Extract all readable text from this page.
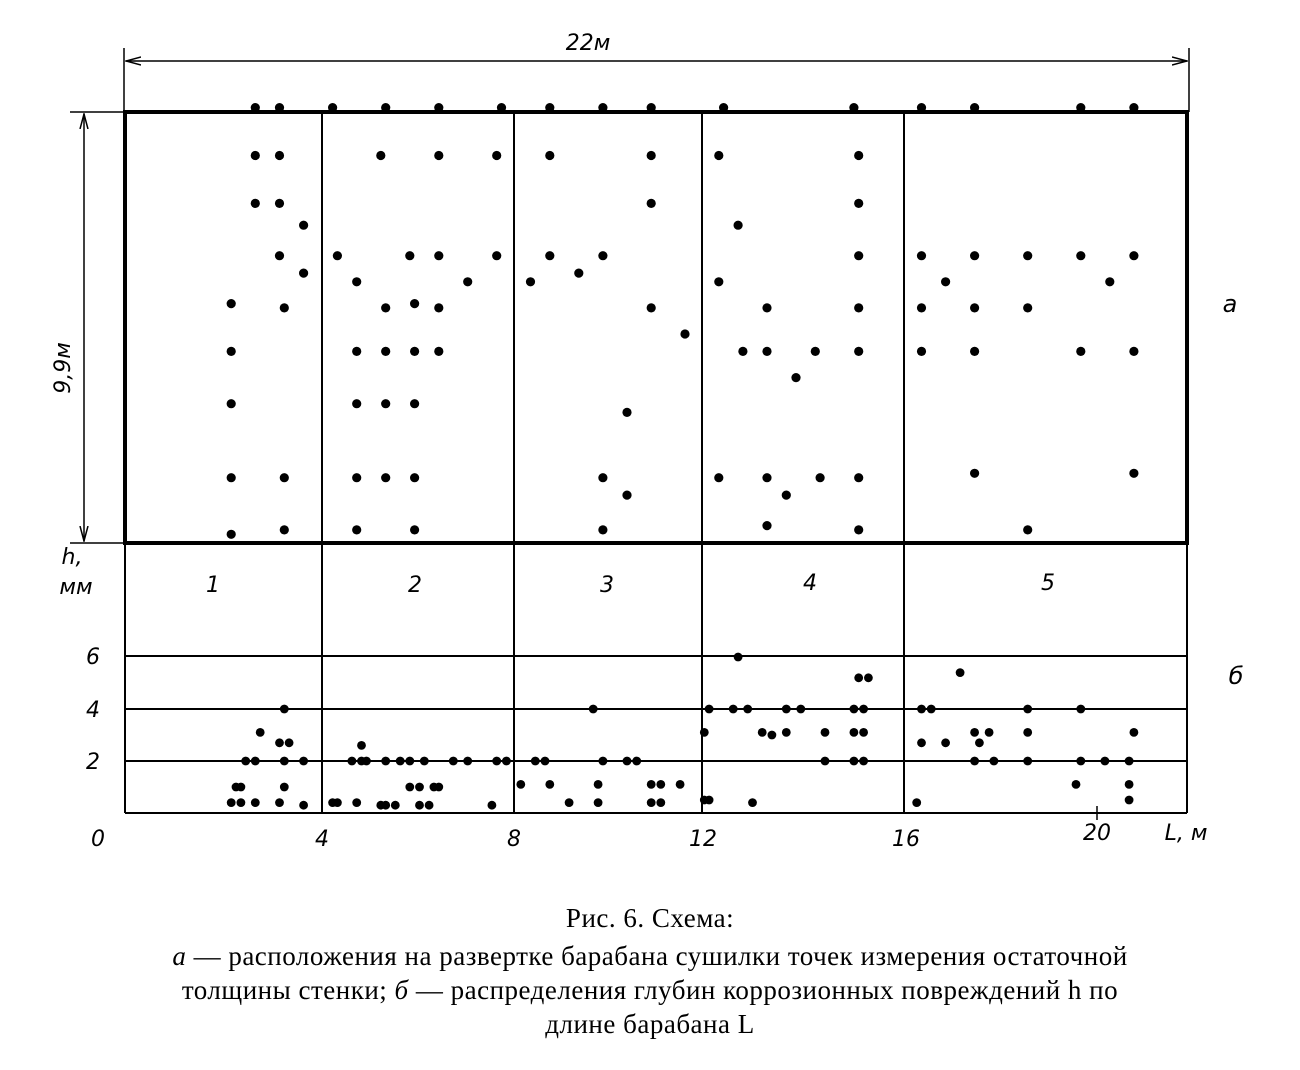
22м
9,9м
1	2	3	4	5
а
б
h,
мм
2
4
6
0	4	8	12	16	20 L, м
Рис. 6. Схема:
а — расположения на развертке барабана сушилки точек измерения остаточной
толщины стенки; б — распределения глубин коррозионных повреждений h по
длине барабана L
